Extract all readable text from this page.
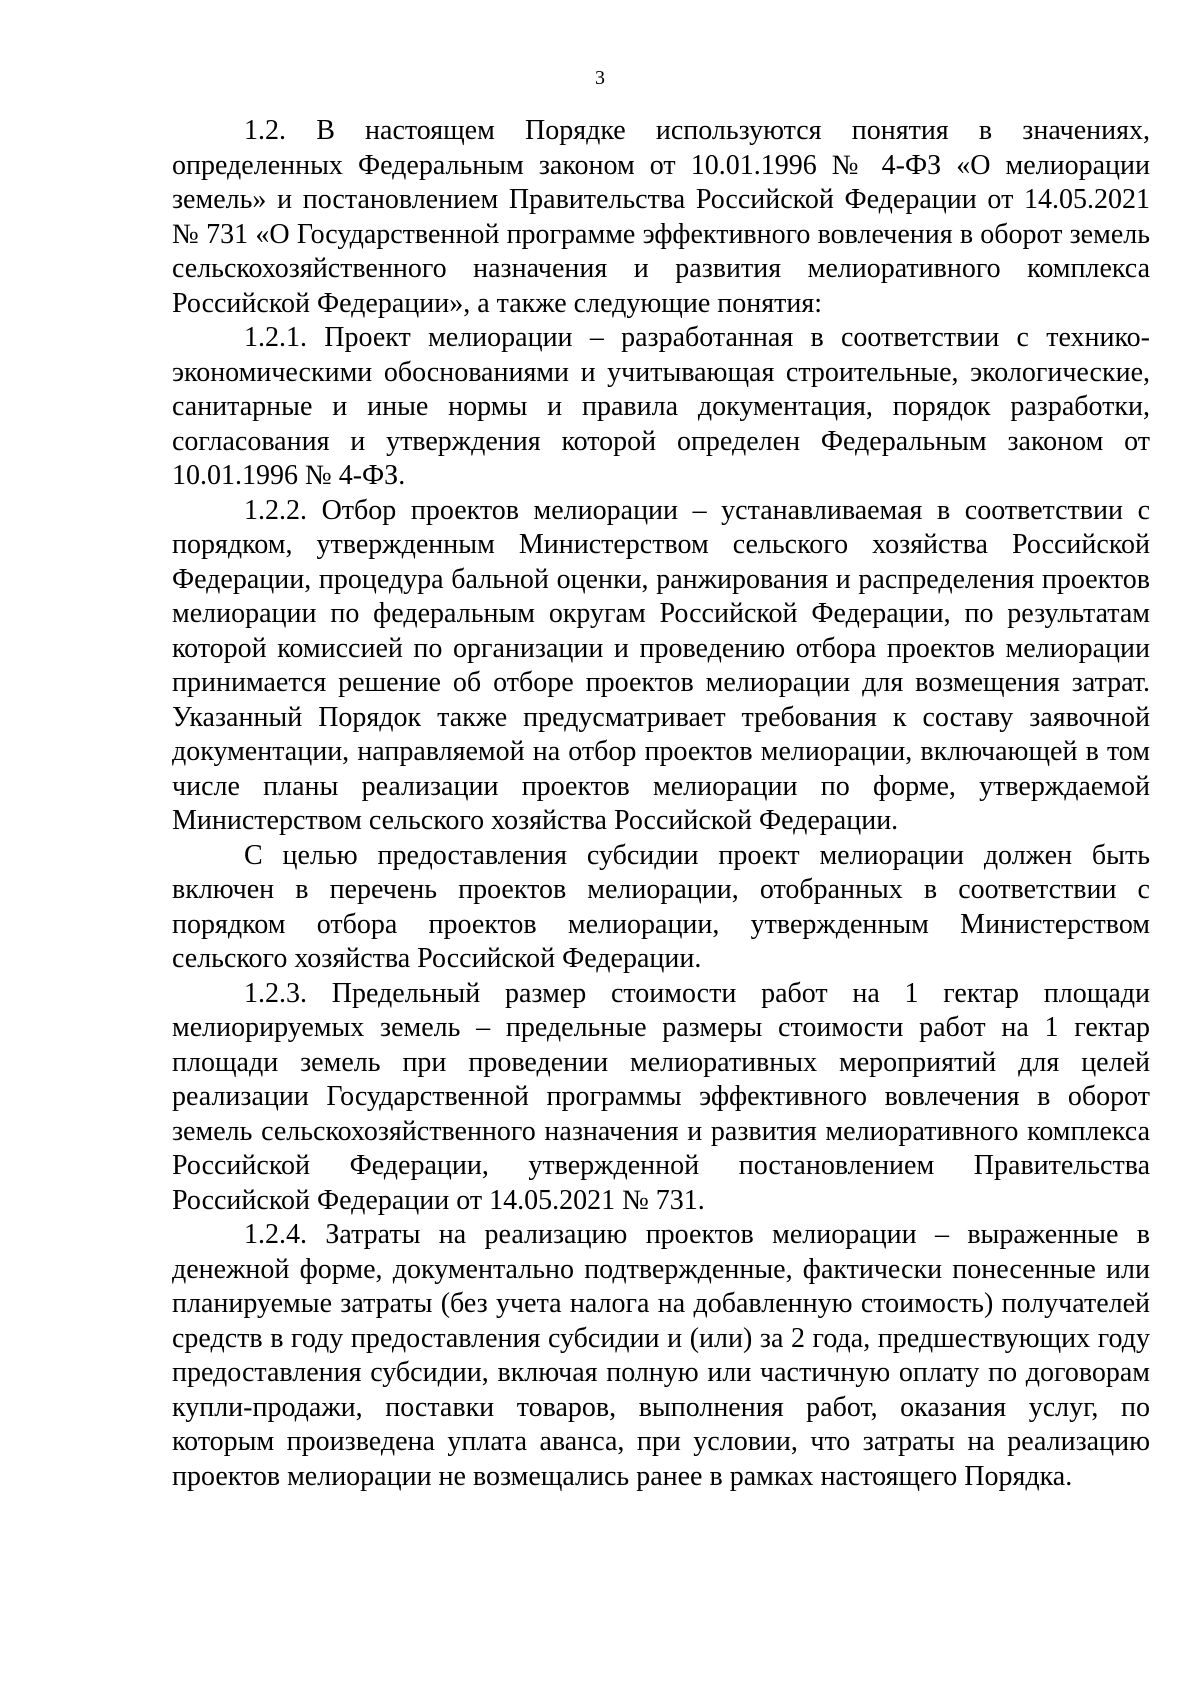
3

1.2. В настоящем Порядке используются понятия в значениях, определенных Федеральным законом от 10.01.1996 № 4-ФЗ «О мелиорации земель» и постановлением Правительства Российской Федерации от 14.05.2021 № 731 «О Государственной программе эффективного вовлечения в оборот земель сельскохозяйственного назначения и развития мелиоративного комплекса Российской Федерации», а также следующие понятия:

1.2.1. Проект мелиорации – разработанная в соответствии с технико-экономическими обоснованиями и учитывающая строительные, экологические, санитарные и иные нормы и правила документация, порядок разработки, согласования и утверждения которой определен Федеральным законом от 10.01.1996 № 4-ФЗ.

1.2.2. Отбор проектов мелиорации – устанавливаемая в соответствии с порядком, утвержденным Министерством сельского хозяйства Российской Федерации, процедура бальной оценки, ранжирования и распределения проектов мелиорации по федеральным округам Российской Федерации, по результатам которой комиссией по организации и проведению отбора проектов мелиорации принимается решение об отборе проектов мелиорации для возмещения затрат. Указанный Порядок также предусматривает требования к составу заявочной документации, направляемой на отбор проектов мелиорации, включающей в том числе планы реализации проектов мелиорации по форме, утверждаемой Министерством сельского хозяйства Российской Федерации.

С целью предоставления субсидии проект мелиорации должен быть включен в перечень проектов мелиорации, отобранных в соответствии с порядком отбора проектов мелиорации, утвержденным Министерством сельского хозяйства Российской Федерации.

1.2.3. Предельный размер стоимости работ на 1 гектар площади мелиорируемых земель – предельные размеры стоимости работ на 1 гектар площади земель при проведении мелиоративных мероприятий для целей реализации Государственной программы эффективного вовлечения в оборот земель сельскохозяйственного назначения и развития мелиоративного комплекса Российской Федерации, утвержденной постановлением Правительства Российской Федерации от 14.05.2021 № 731.

1.2.4. Затраты на реализацию проектов мелиорации – выраженные в денежной форме, документально подтвержденные, фактически понесенные или планируемые затраты (без учета налога на добавленную стоимость) получателей средств в году предоставления субсидии и (или) за 2 года, предшествующих году предоставления субсидии, включая полную или частичную оплату по договорам купли-продажи, поставки товаров, выполнения работ, оказания услуг, по которым произведена уплата аванса, при условии, что затраты на реализацию проектов мелиорации не возмещались ранее в рамках настоящего Порядка.
